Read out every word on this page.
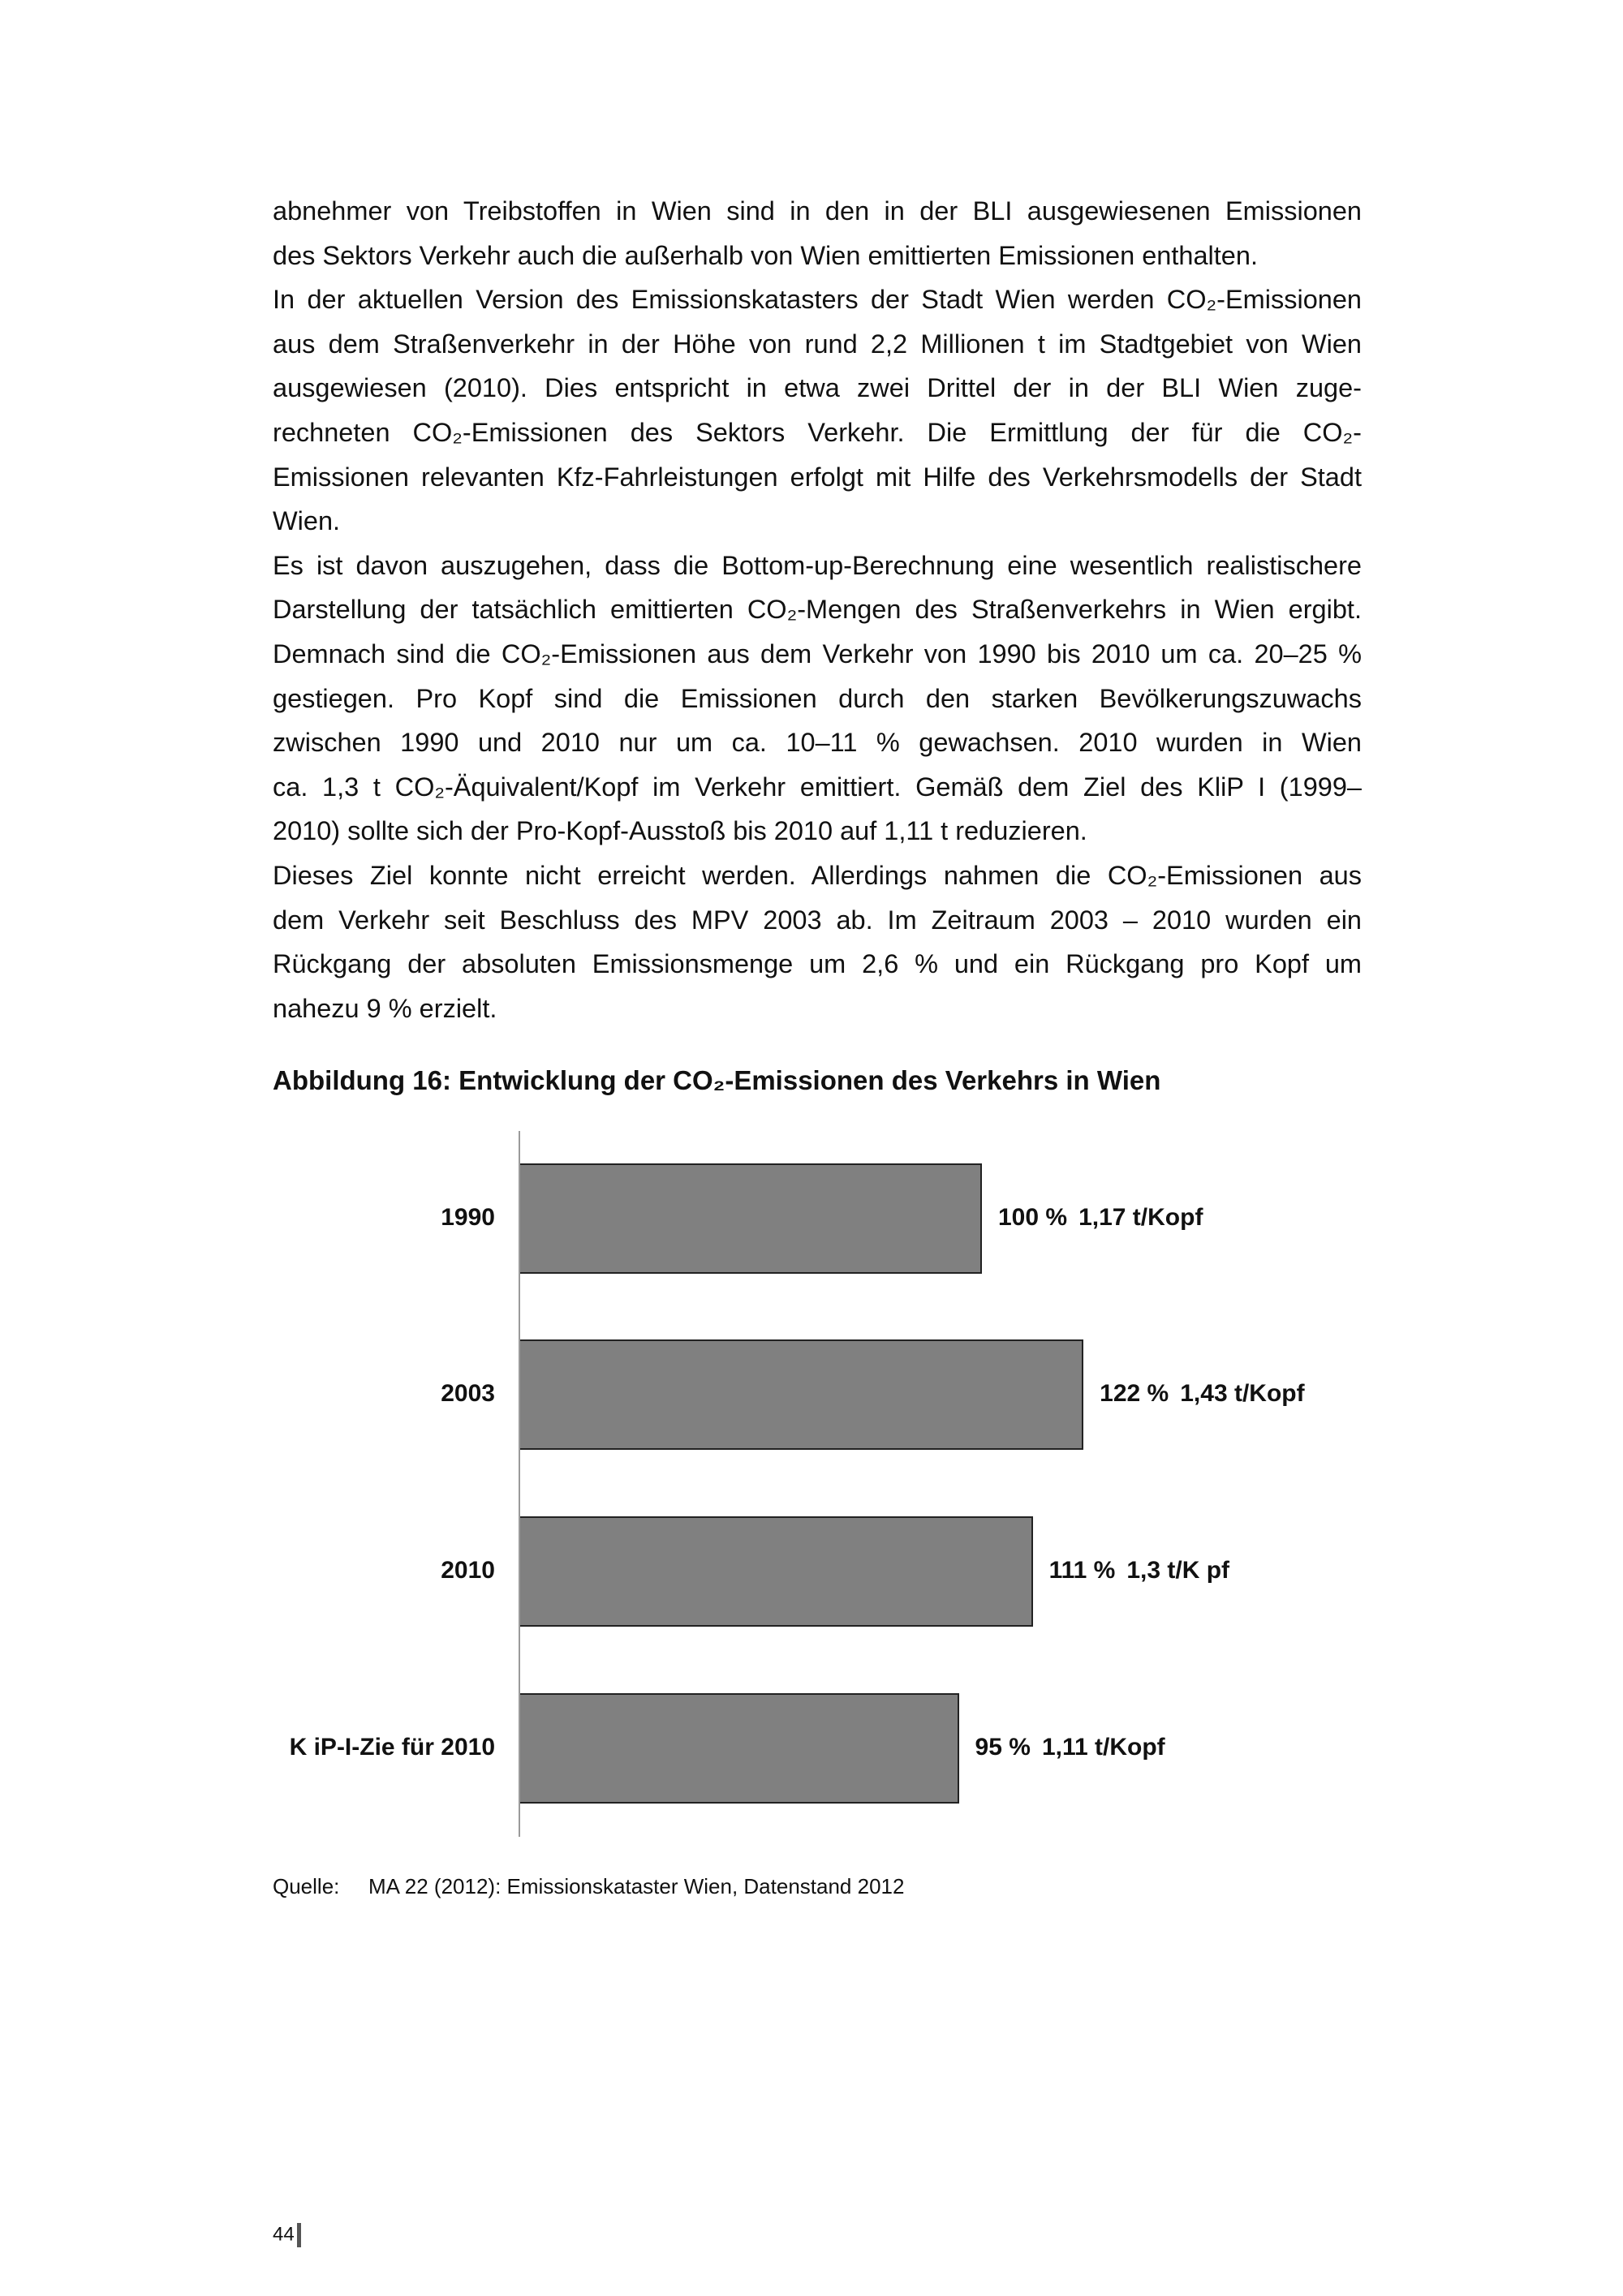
abnehmer von Treibstoffen in Wien sind in den in der BLI ausgewiesenen Emissionen
des Sektors Verkehr auch die außerhalb von Wien emittierten Emissionen enthalten.
In der aktuellen Version des Emissionskatasters der Stadt Wien werden CO₂-Emissionen
aus dem Straßenverkehr in der Höhe von rund 2,2 Millionen t im Stadtgebiet von Wien
ausgewiesen (2010). Dies entspricht in etwa zwei Drittel der in der BLI Wien zuge-
rechneten CO₂-Emissionen des Sektors Verkehr. Die Ermittlung der für die CO₂-
Emissionen relevanten Kfz-Fahrleistungen erfolgt mit Hilfe des Verkehrsmodells der Stadt
Wien.
Es ist davon auszugehen, dass die Bottom-up-Berechnung eine wesentlich realistischere
Darstellung der tatsächlich emittierten CO₂-Mengen des Straßenverkehrs in Wien ergibt.
Demnach sind die CO₂-Emissionen aus dem Verkehr von 1990 bis 2010 um ca. 20–25 %
gestiegen. Pro Kopf sind die Emissionen durch den starken Bevölkerungszuwachs
zwischen 1990 und 2010 nur um ca. 10–11 % gewachsen. 2010 wurden in Wien
ca. 1,3 t CO₂-Äquivalent/Kopf im Verkehr emittiert. Gemäß dem Ziel des KliP I (1999–
2010) sollte sich der Pro-Kopf-Ausstoß bis 2010 auf 1,11 t reduzieren.
Dieses Ziel konnte nicht erreicht werden. Allerdings nahmen die CO₂-Emissionen aus
dem Verkehr seit Beschluss des MPV 2003 ab. Im Zeitraum 2003 – 2010 wurden ein
Rückgang der absoluten Emissionsmenge um 2,6 % und ein Rückgang pro Kopf um
nahezu 9 % erzielt.
Abbildung 16: Entwicklung der CO₂-Emissionen des Verkehrs in Wien
1990	100 % 1,17 t/Kopf
2003	122 % 1,43 t/Kopf
2010	111 % 1,3 t/K pf
K iP-I-Zie für 2010	95 % 1,11 t/Kopf
Quelle: MA 22 (2012): Emissionskataster Wien, Datenstand 2012
44
